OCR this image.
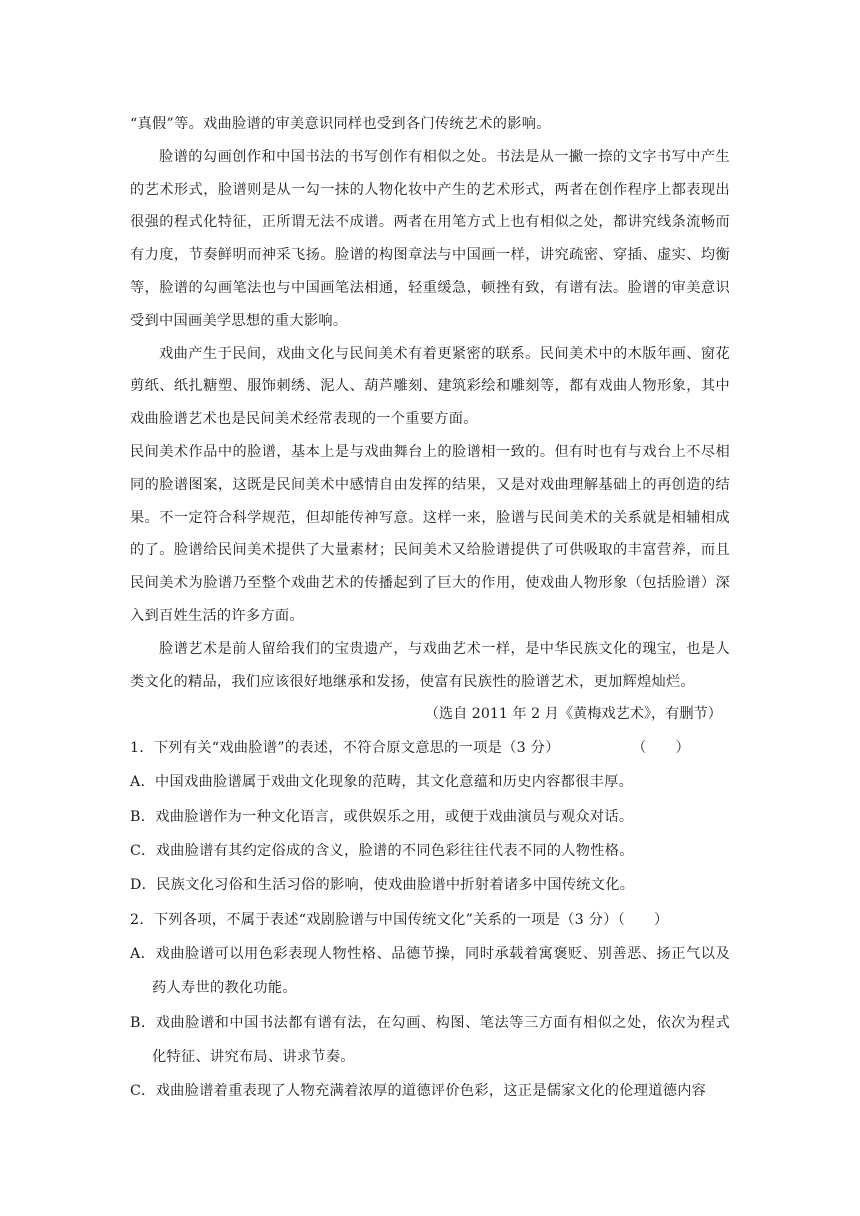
“真假”等。戏曲脸谱的审美意识同样也受到各门传统艺术的影响。

脸谱的勾画创作和中国书法的书写创作有相似之处。书法是从一撇一捺的文字书写中产生的艺术形式，脸谱则是从一勾一抹的人物化妆中产生的艺术形式，两者在创作程序上都表现出很强的程式化特征，正所谓无法不成谱。两者在用笔方式上也有相似之处，都讲究线条流畅而有力度，节奏鲜明而神采飞扬。脸谱的构图章法与中国画一样，讲究疏密、穿插、虚实、均衡等，脸谱的勾画笔法也与中国画笔法相通，轻重缓急，顿挫有致，有谱有法。脸谱的审美意识受到中国画美学思想的重大影响。

戏曲产生于民间，戏曲文化与民间美术有着更紧密的联系。民间美术中的木版年画、窗花剪纸、纸扎糖塑、服饰刺绣、泥人、葫芦雕刻、建筑彩绘和雕刻等，都有戏曲人物形象，其中戏曲脸谱艺术也是民间美术经常表现的一个重要方面。

民间美术作品中的脸谱，基本上是与戏曲舞台上的脸谱相一致的。但有时也有与戏台上不尽相同的脸谱图案，这既是民间美术中感情自由发挥的结果，又是对戏曲理解基础上的再创造的结果。不一定符合科学规范，但却能传神写意。这样一来，脸谱与民间美术的关系就是相辅相成的了。脸谱给民间美术提供了大量素材；民间美术又给脸谱提供了可供吸取的丰富营养，而且民间美术为脸谱乃至整个戏曲艺术的传播起到了巨大的作用，使戏曲人物形象（包括脸谱）深入到百姓生活的许多方面。

脸谱艺术是前人留给我们的宝贵遗产，与戏曲艺术一样，是中华民族文化的瑰宝，也是人类文化的精品，我们应该很好地继承和发扬，使富有民族性的脸谱艺术，更加辉煌灿烂。

（选自 2011 年 2 月《黄梅戏艺术》，有删节）

1．下列有关“戏曲脸谱”的表述，不符合原文意思的一项是（3 分）	（　　）

A．中国戏曲脸谱属于戏曲文化现象的范畴，其文化意蕴和历史内容都很丰厚。

B．戏曲脸谱作为一种文化语言，或供娱乐之用，或便于戏曲演员与观众对话。

C．戏曲脸谱有其约定俗成的含义，脸谱的不同色彩往往代表不同的人物性格。

D．民族文化习俗和生活习俗的影响，使戏曲脸谱中折射着诸多中国传统文化。

2．下列各项，不属于表述“戏剧脸谱与中国传统文化”关系的一项是（3 分）（　　）

A．戏曲脸谱可以用色彩表现人物性格、品德节操，同时承载着寓褒贬、别善恶、扬正气以及药人寿世的教化功能。

B．戏曲脸谱和中国书法都有谱有法，在勾画、构图、笔法等三方面有相似之处，依次为程式化特征、讲究布局、讲求节奏。

C．戏曲脸谱着重表现了人物充满着浓厚的道德评价色彩，这正是儒家文化的伦理道德内容
